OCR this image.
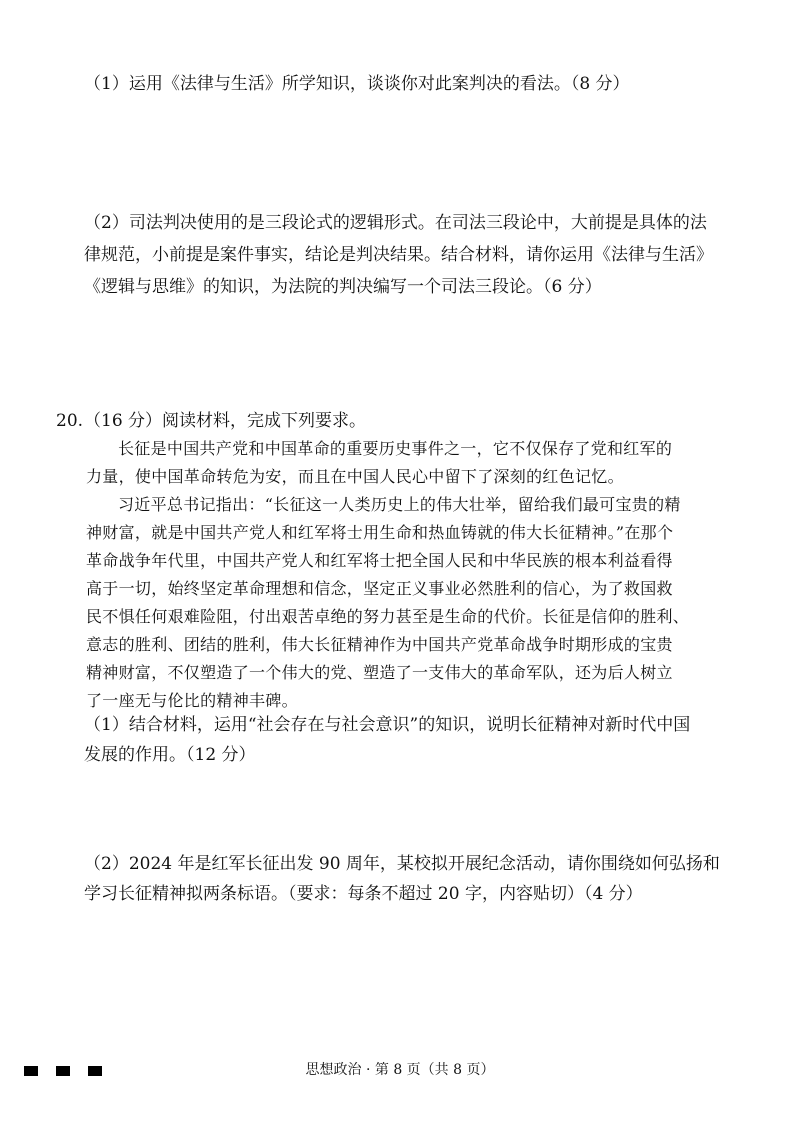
（1）运用《法律与生活》所学知识，谈谈你对此案判决的看法。（8 分）
（2）司法判决使用的是三段论式的逻辑形式。在司法三段论中，大前提是具体的法
律规范，小前提是案件事实，结论是判决结果。结合材料，请你运用《法律与生活》
《逻辑与思维》的知识，为法院的判决编写一个司法三段论。（6 分）
20. （16 分）阅读材料，完成下列要求。
长征是中国共产党和中国革命的重要历史事件之一，它不仅保存了党和红军的
力量，使中国革命转危为安，而且在中国人民心中留下了深刻的红色记忆。
习近平总书记指出：“长征这一人类历史上的伟大壮举，留给我们最可宝贵的精
神财富，就是中国共产党人和红军将士用生命和热血铸就的伟大长征精神。”在那个
革命战争年代里，中国共产党人和红军将士把全国人民和中华民族的根本利益看得
高于一切，始终坚定革命理想和信念，坚定正义事业必然胜利的信心，为了救国救
民不惧任何艰难险阻，付出艰苦卓绝的努力甚至是生命的代价。长征是信仰的胜利、
意志的胜利、团结的胜利，伟大长征精神作为中国共产党革命战争时期形成的宝贵
精神财富，不仅塑造了一个伟大的党、塑造了一支伟大的革命军队，还为后人树立
了一座无与伦比的精神丰碑。
（1）结合材料，运用“社会存在与社会意识”的知识，说明长征精神对新时代中国
发展的作用。（12 分）
（2）2024 年是红军长征出发 90 周年，某校拟开展纪念活动，请你围绕如何弘扬和
学习长征精神拟两条标语。（要求：每条不超过 20 字，内容贴切）（4 分）
思想政治 · 第 8 页（共 8 页）
